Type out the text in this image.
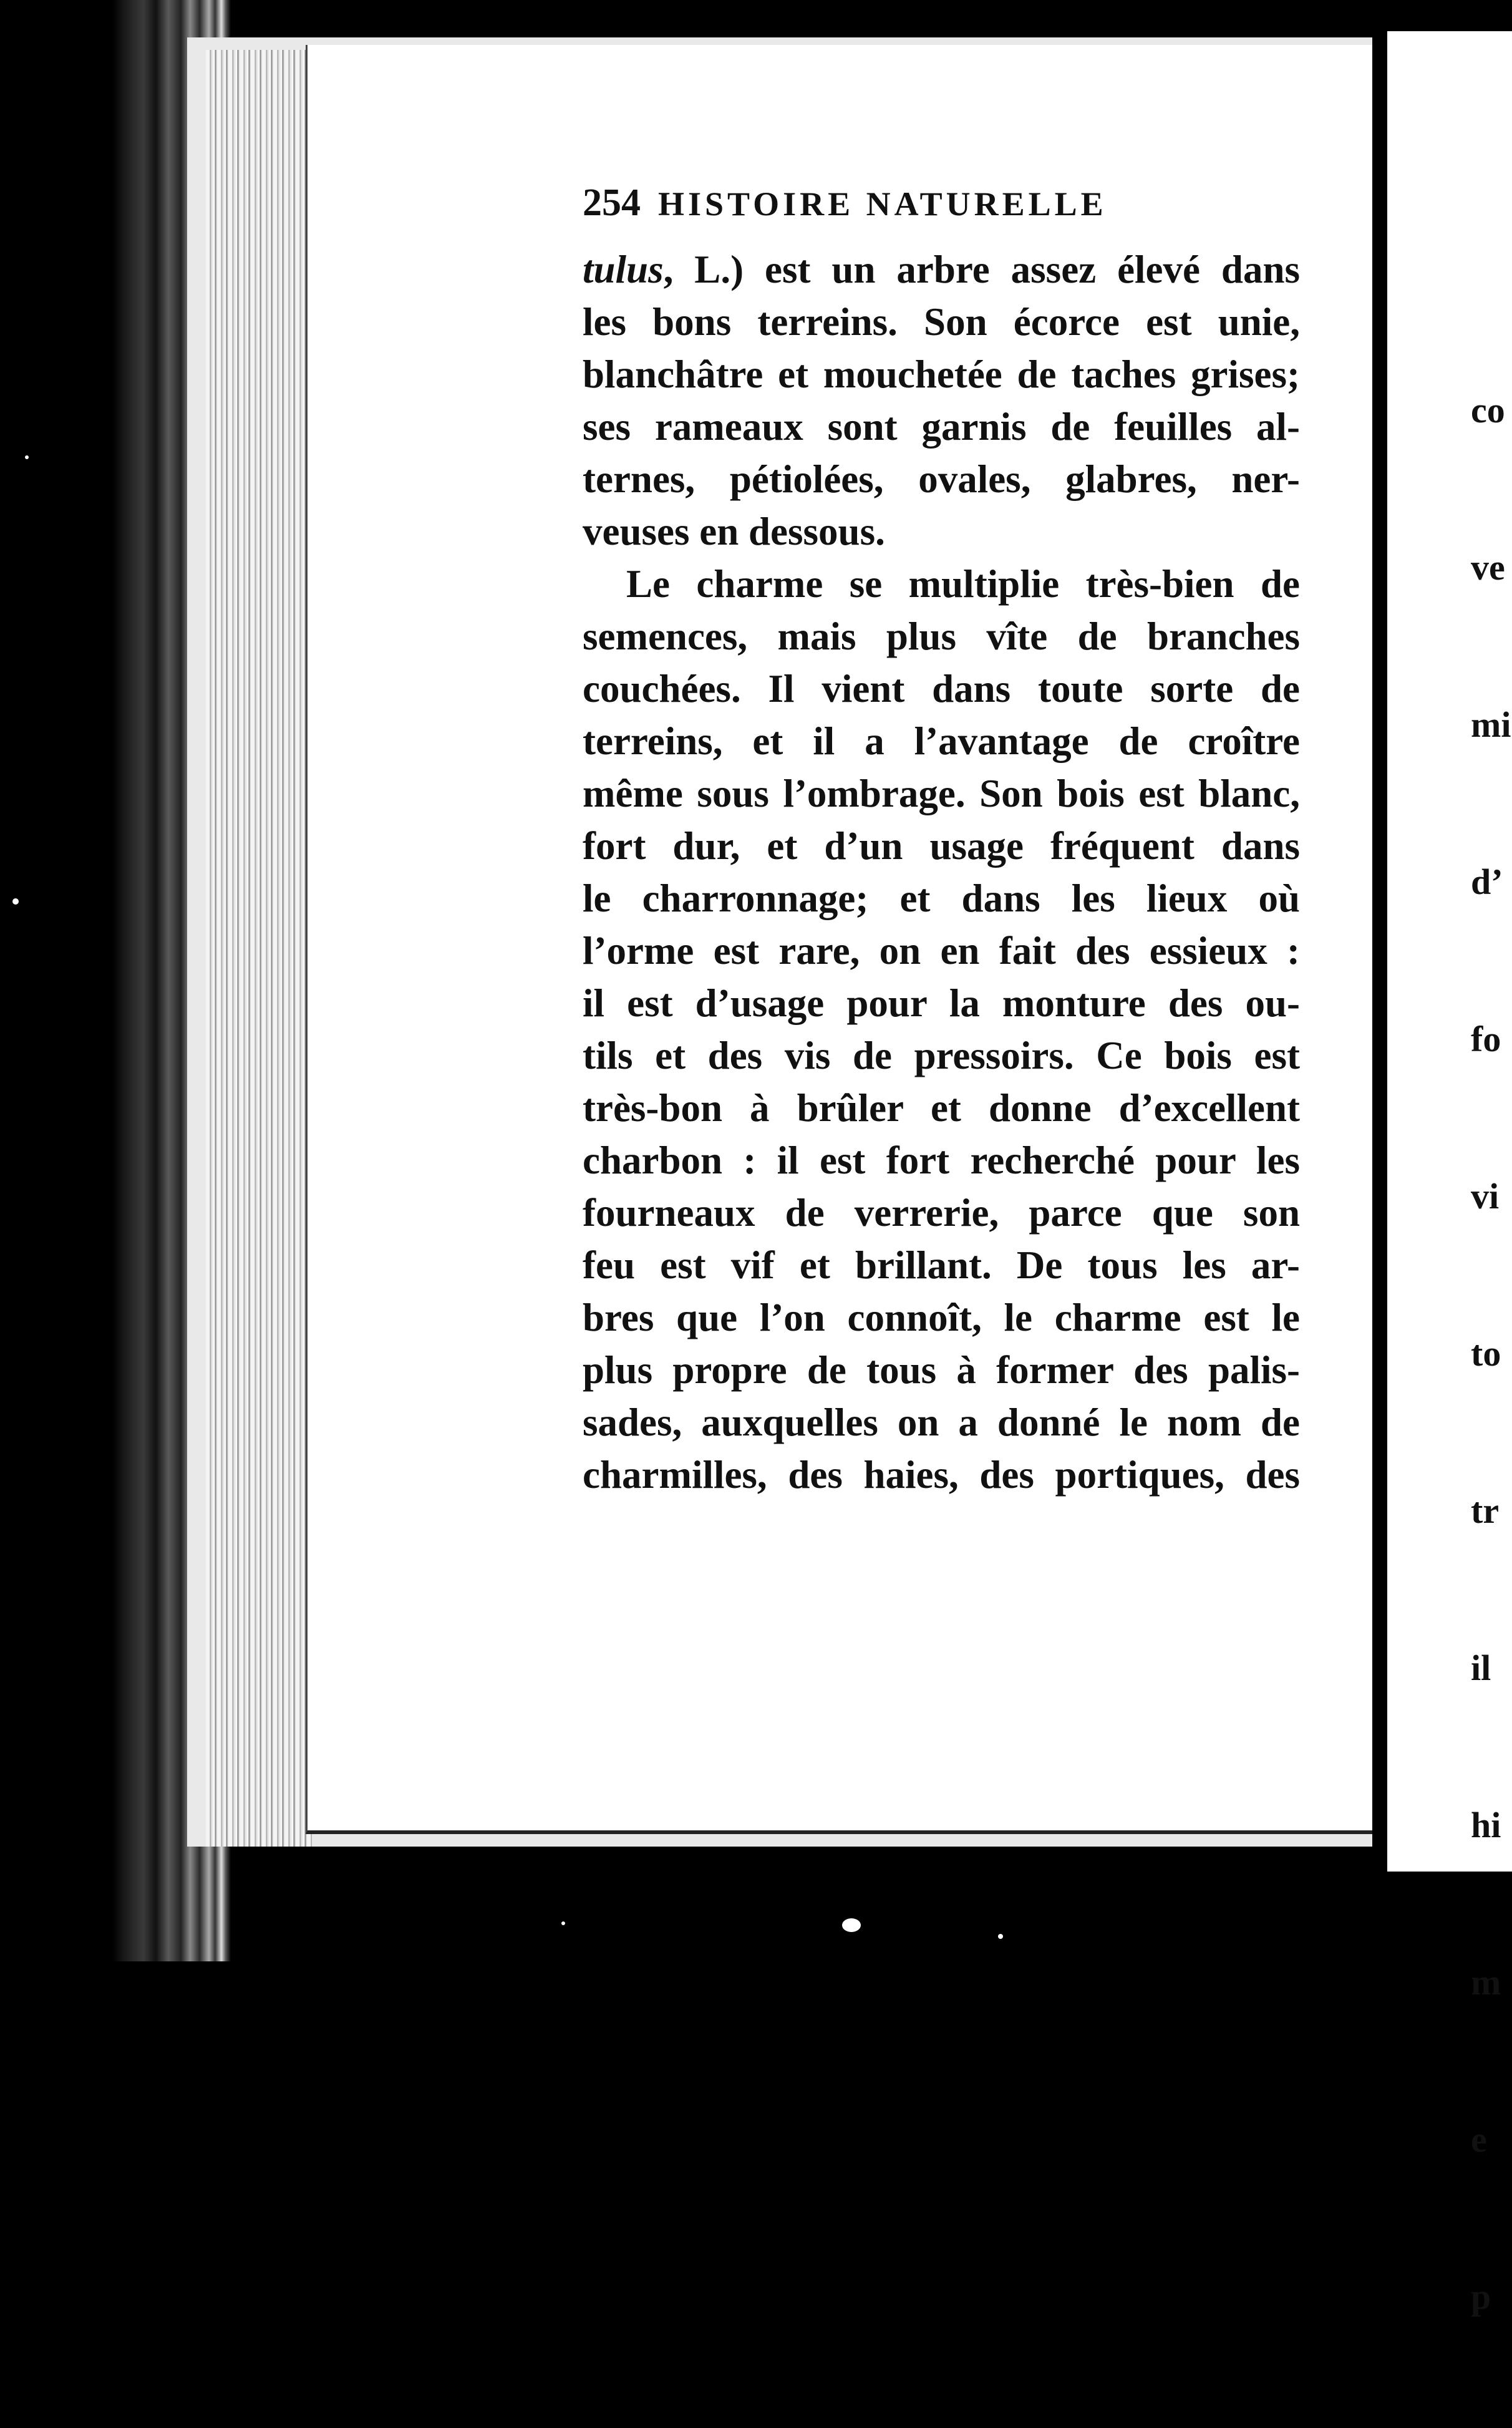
254 HISTOIRE NATURELLE
tulus, L.) est un arbre assez élevé dans
les bons terreins. Son écorce est unie,
blanchâtre et mouchetée de taches grises;
ses rameaux sont garnis de feuilles al-
ternes, pétiolées, ovales, glabres, ner-
veuses en dessous.
Le charme se multiplie très-bien de
semences, mais plus vîte de branches
couchées. Il vient dans toute sorte de
terreins, et il a l’avantage de croître
même sous l’ombrage. Son bois est blanc,
fort dur, et d’un usage fréquent dans
le charronnage; et dans les lieux où
l’orme est rare, on en fait des essieux :
il est d’usage pour la monture des ou-
tils et des vis de pressoirs. Ce bois est
très-bon à brûler et donne d’excellent
charbon : il est fort recherché pour les
fourneaux de verrerie, parce que son
feu est vif et brillant. De tous les ar-
bres que l’on connoît, le charme est le
plus propre de tous à former des palis-
sades, auxquelles on a donné le nom de
charmilles, des haies, des portiques, des

co

ve

mi

d’

fo

vi

to

tr

il

hi

m

e

p
